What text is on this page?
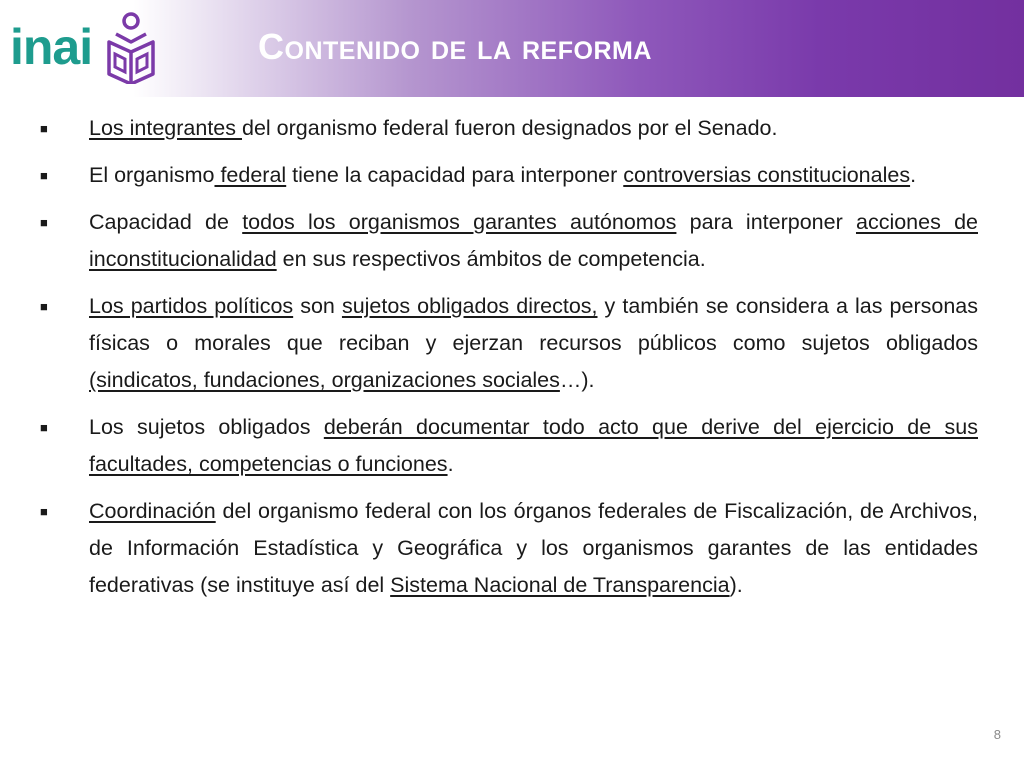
inai	Contenido de la reforma
■ Los integrantes del organismo federal fueron designados por el Senado.
■ El organismo federal tiene la capacidad para interponer controversias constitucionales.
■ Capacidad de todos los organismos garantes autónomos para interponer acciones de inconstitucionalidad en sus respectivos ámbitos de competencia.
■ Los partidos políticos son sujetos obligados directos, y también se considera a las personas físicas o morales que reciban y ejerzan recursos públicos como sujetos obligados (sindicatos, fundaciones, organizaciones sociales…).
■ Los sujetos obligados deberán documentar todo acto que derive del ejercicio de sus facultades, competencias o funciones.
■ Coordinación del organismo federal con los órganos federales de Fiscalización, de Archivos, de Información Estadística y Geográfica y los organismos garantes de las entidades federativas (se instituye así del Sistema Nacional de Transparencia).
8
